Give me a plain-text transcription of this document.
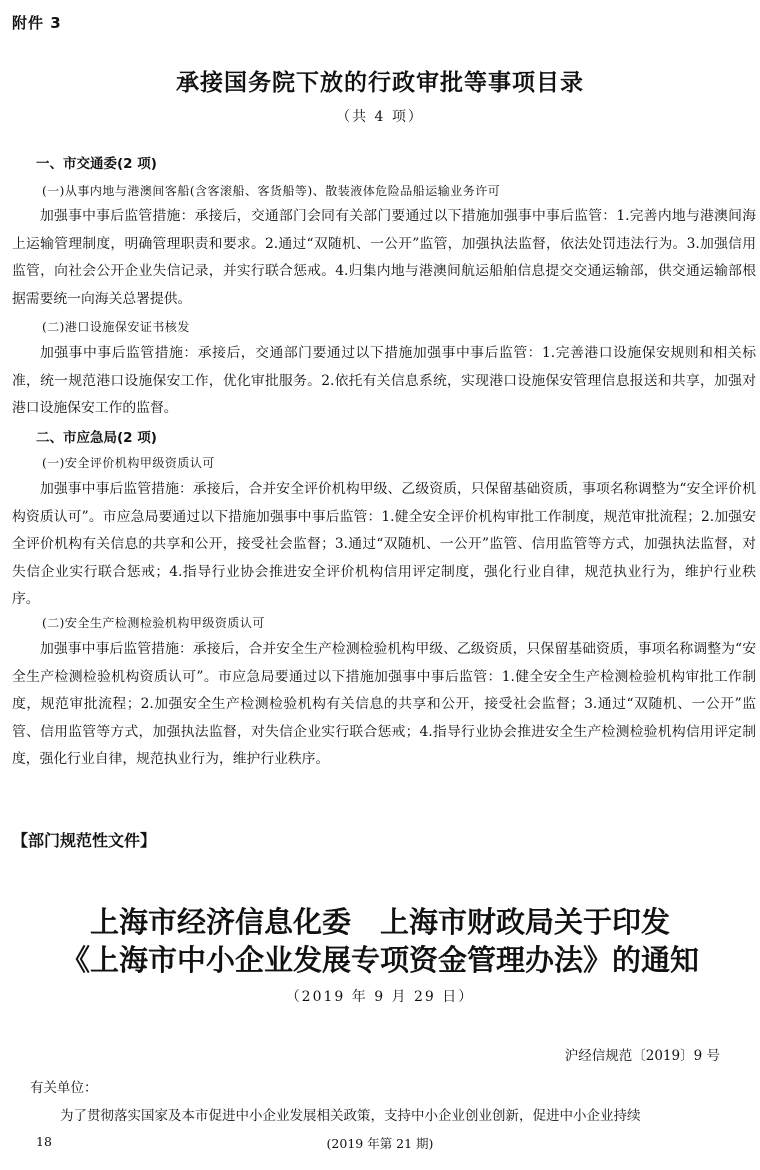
附件 3
承接国务院下放的行政审批等事项目录
（共 4 项）
一、市交通委(2 项)
(一)从事内地与港澳间客船(含客滚船、客货船等)、散装液体危险品船运输业务许可

加强事中事后监管措施：承接后，交通部门会同有关部门要通过以下措施加强事中事后监管：1.完善内地与港澳间海上运输管理制度，明确管理职责和要求。2.通过“双随机、一公开”监管，加强执法监督，依法处罚违法行为。3.加强信用监管，向社会公开企业失信记录，并实行联合惩戒。4.归集内地与港澳间航运船舶信息提交交通运输部，供交通运输部根据需要统一向海关总署提供。

(二)港口设施保安证书核发

加强事中事后监管措施：承接后，交通部门要通过以下措施加强事中事后监管：1.完善港口设施保安规则和相关标准，统一规范港口设施保安工作，优化审批服务。2.依托有关信息系统，实现港口设施保安管理信息报送和共享，加强对港口设施保安工作的监督。

二、市应急局(2 项)
(一)安全评价机构甲级资质认可

加强事中事后监管措施：承接后，合并安全评价机构甲级、乙级资质，只保留基础资质，事项名称调整为“安全评价机构资质认可”。市应急局要通过以下措施加强事中事后监管：1.健全安全评价机构审批工作制度，规范审批流程；2.加强安全评价机构有关信息的共享和公开，接受社会监督；3.通过“双随机、一公开”监管、信用监管等方式，加强执法监督，对失信企业实行联合惩戒；4.指导行业协会推进安全评价机构信用评定制度，强化行业自律，规范执业行为，维护行业秩序。

(二)安全生产检测检验机构甲级资质认可

加强事中事后监管措施：承接后，合并安全生产检测检验机构甲级、乙级资质，只保留基础资质，事项名称调整为“安全生产检测检验机构资质认可”。市应急局要通过以下措施加强事中事后监管：1.健全安全生产检测检验机构审批工作制度，规范审批流程；2.加强安全生产检测检验机构有关信息的共享和公开，接受社会监督；3.通过“双随机、一公开”监管、信用监管等方式，加强执法监督，对失信企业实行联合惩戒；4.指导行业协会推进安全生产检测检验机构信用评定制度，强化行业自律，规范执业行为，维护行业秩序。

【部门规范性文件】
上海市经济信息化委　上海市财政局关于印发
《上海市中小企业发展专项资金管理办法》的通知
（2019 年 9 月 29 日）
沪经信规范〔2019〕9 号
有关单位：
为了贯彻落实国家及本市促进中小企业发展相关政策，支持中小企业创业创新，促进中小企业持续
18	(2019 年第 21 期)
